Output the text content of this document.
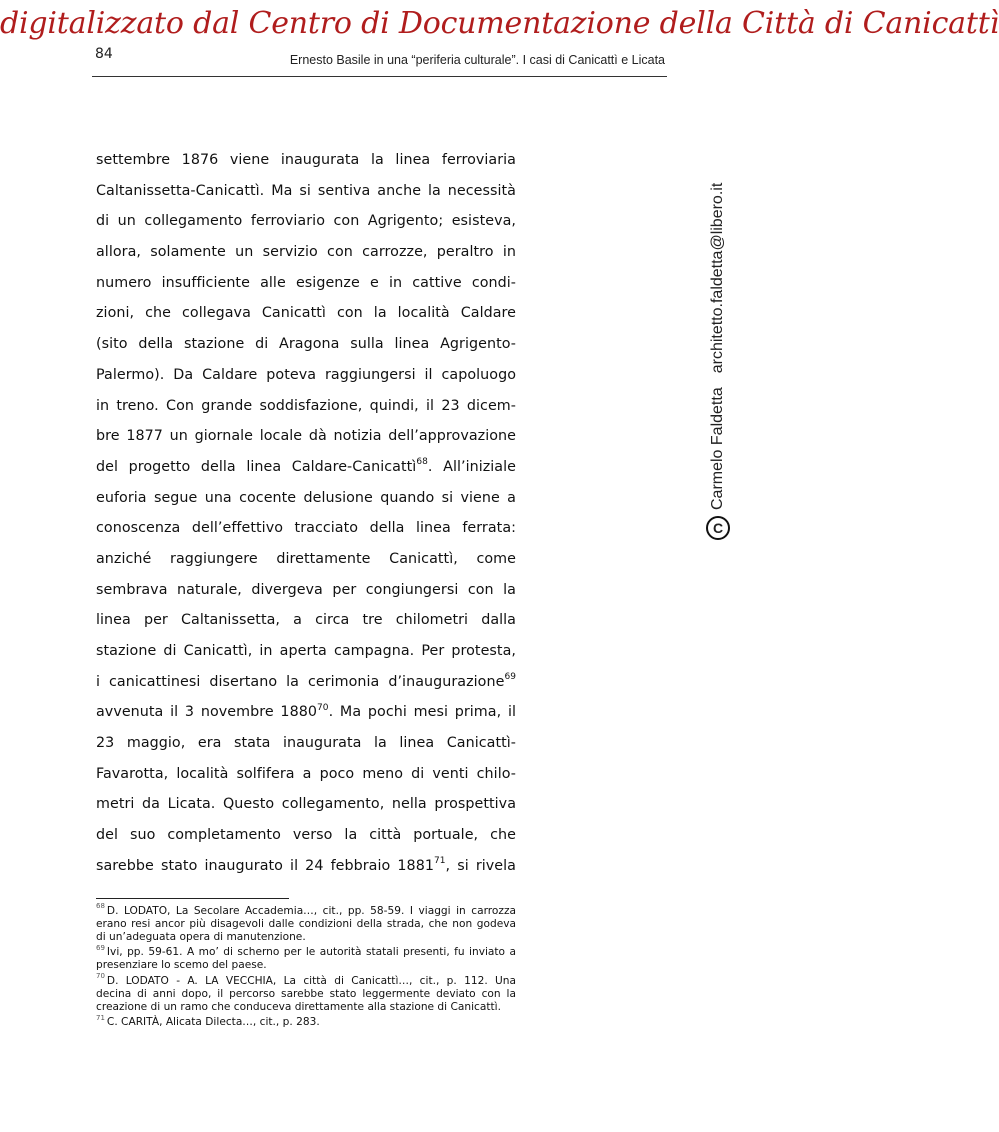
digitalizzato dal Centro di Documentazione della Città di Canicattì
84	Ernesto Basile in una “periferia culturale”. I casi di Canicattì e Licata
settembre 1876 viene inaugurata la linea ferroviaria
Caltanissetta-Canicattì. Ma si sentiva anche la necessità
di un collegamento ferroviario con Agrigento; esisteva,
allora, solamente un servizio con carrozze, peraltro in
numero insufficiente alle esigenze e in cattive condi-
zioni, che collegava Canicattì con la località Caldare
(sito della stazione di Aragona sulla linea Agrigento-
Palermo). Da Caldare poteva raggiungersi il capoluogo
in treno. Con grande soddisfazione, quindi, il 23 dicem-
bre 1877 un giornale locale dà notizia dell’approvazione
del progetto della linea Caldare-Canicattì$^{68}$. All’iniziale
euforia segue una cocente delusione quando si viene a
conoscenza dell’effettivo tracciato della linea ferrata:
anziché raggiungere direttamente Canicattì, come
sembrava naturale, divergeva per congiungersi con la
linea per Caltanissetta, a circa tre chilometri dalla
stazione di Canicattì, in aperta campagna. Per protesta,
i canicattinesi disertano la cerimonia d’inaugurazione$^{69}$
avvenuta il 3 novembre 1880$^{70}$. Ma pochi mesi prima, il
23 maggio, era stata inaugurata la linea Canicattì-
Favarotta, località solfifera a poco meno di venti chilo-
metri da Licata. Questo collegamento, nella prospettiva
del suo completamento verso la città portuale, che
sarebbe stato inaugurato il 24 febbraio 1881$^{71}$, si rivela
$^{68}$ D. LODATO, La Secolare Accademia…, cit., pp. 58-59. I viaggi in carrozza
erano resi ancor più disagevoli dalle condizioni della strada, che non godeva
di un’adeguata opera di manutenzione.
$^{69}$ Ivi, pp. 59-61. A mo’ di scherno per le autorità statali presenti, fu inviato a
presenziare lo scemo del paese.
$^{70}$ D. LODATO - A. LA VECCHIA, La città di Canicattì…, cit., p. 112. Una
decina di anni dopo, il percorso sarebbe stato leggermente deviato con la
creazione di un ramo che conduceva direttamente alla stazione di Canicattì.
$^{71}$ C. CARITÀ, Alicata Dilecta…, cit., p. 283.
C
Carmelo Faldetta
architetto.faldetta@libero.it
